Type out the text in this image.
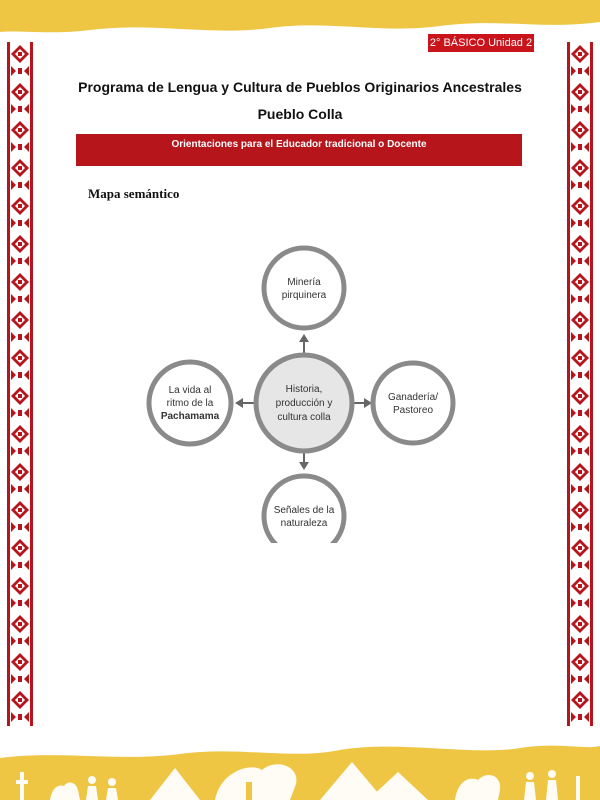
2° BÁSICO Unidad 2
Programa de Lengua y Cultura de Pueblos Originarios Ancestrales
Pueblo Colla
Orientaciones para el Educador tradicional o Docente
Mapa semántico
Historia,
producción y
cultura colla
Minería
pirquinera
Señales de la
naturaleza
La vida al
ritmo de la
Pachamama
Ganadería/
Pastoreo
